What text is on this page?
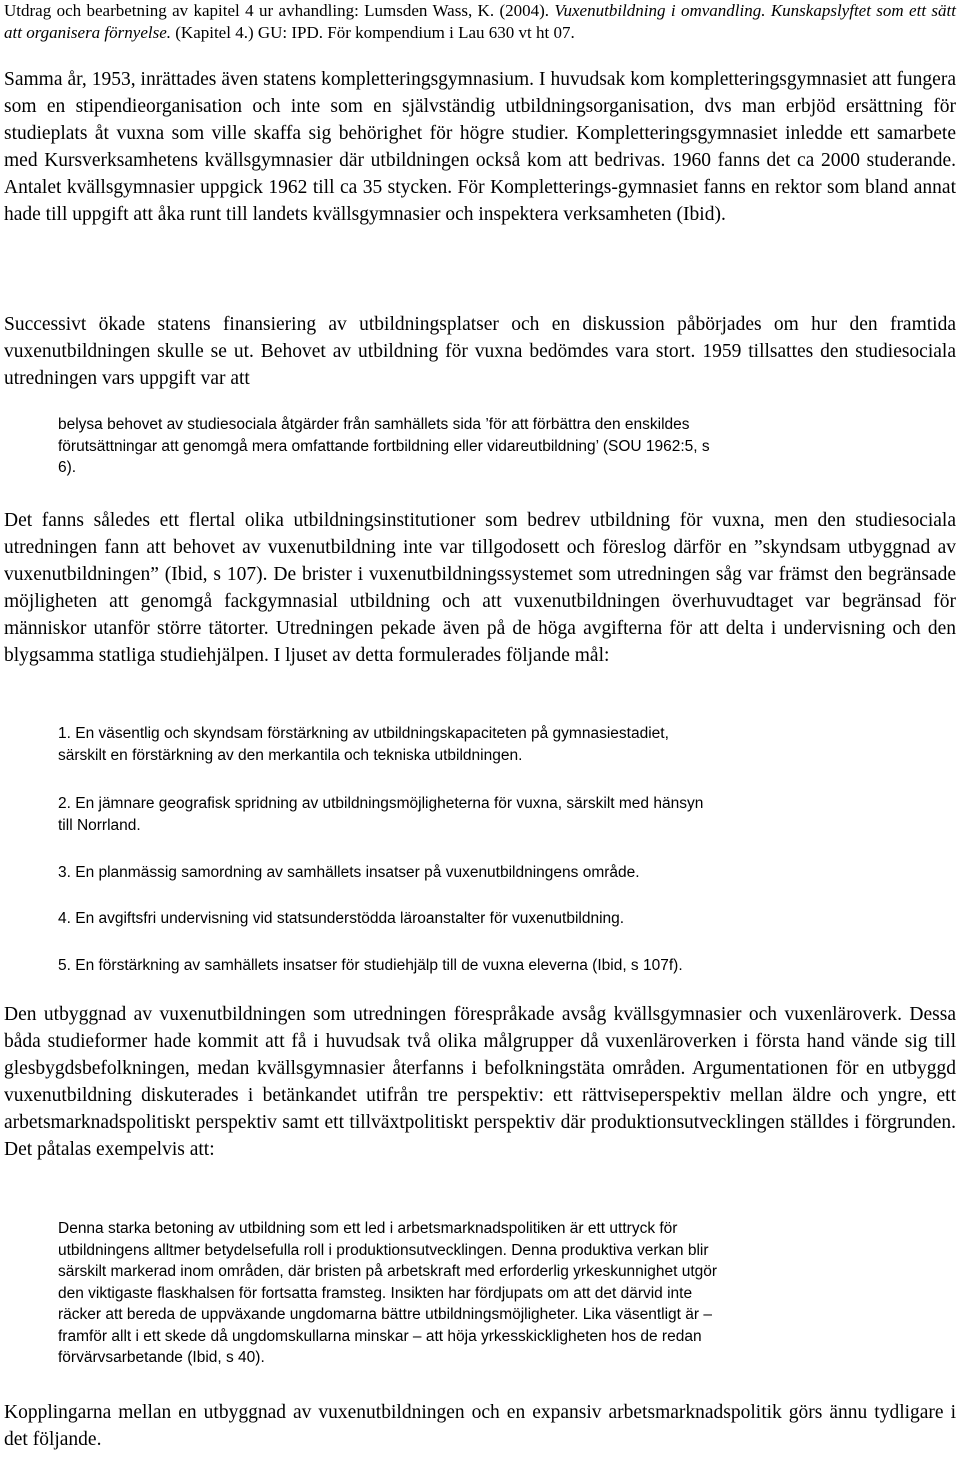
Utdrag och bearbetning av kapitel 4 ur avhandling: Lumsden Wass, K. (2004). Vuxenutbildning i omvandling. Kunskapslyftet som ett sätt att organisera förnyelse. (Kapitel 4.) GU: IPD. För kompendium i Lau 630 vt ht 07.

Samma år, 1953, inrättades även statens kompletteringsgymnasium. I huvudsak kom kompletteringsgymnasiet att fungera som en stipendieorganisation och inte som en självständig utbildningsorganisation, dvs man erbjöd ersättning för studieplats åt vuxna som ville skaffa sig behörighet för högre studier. Kompletteringsgymnasiet inledde ett samarbete med Kursverksamhetens kvällsgymnasier där utbildningen också kom att bedrivas. 1960 fanns det ca 2000 studerande. Antalet kvällsgymnasier uppgick 1962 till ca 35 stycken. För Kompletterings-gymnasiet fanns en rektor som bland annat hade till uppgift att åka runt till landets kvällsgymnasier och inspektera verksamheten (Ibid).

Successivt ökade statens finansiering av utbildningsplatser och en diskussion påbörjades om hur den framtida vuxenutbildningen skulle se ut. Behovet av utbildning för vuxna bedömdes vara stort. 1959 tillsattes den studiesociala utredningen vars uppgift var att

belysa behovet av studiesociala åtgärder från samhällets sida ’för att förbättra den enskildes
förutsättningar att genomgå mera omfattande fortbildning eller vidareutbildning’ (SOU 1962:5, s
6).

Det fanns således ett flertal olika utbildningsinstitutioner som bedrev utbildning för vuxna, men den studiesociala utredningen fann att behovet av vuxenutbildning inte var tillgodosett och föreslog därför en ”skyndsam utbyggnad av vuxenutbildningen” (Ibid, s 107). De brister i vuxenutbildningssystemet som utredningen såg var främst den begränsade möjligheten att genomgå fackgymnasial utbildning och att vuxenutbildningen överhuvudtaget var begränsad för människor utanför större tätorter. Utredningen pekade även på de höga avgifterna för att delta i undervisning och den blygsamma statliga studiehjälpen. I ljuset av detta formulerades följande mål:

1. En väsentlig och skyndsam förstärkning av utbildningskapaciteten på gymnasiestadiet,
särskilt en förstärkning av den merkantila och tekniska utbildningen.
2. En jämnare geografisk spridning av utbildningsmöjligheterna för vuxna, särskilt med hänsyn
till Norrland.
3. En planmässig samordning av samhällets insatser på vuxenutbildningens område.
4. En avgiftsfri undervisning vid statsunderstödda läroanstalter för vuxenutbildning.
5. En förstärkning av samhällets insatser för studiehjälp till de vuxna eleverna (Ibid, s 107f).

Den utbyggnad av vuxenutbildningen som utredningen förespråkade avsåg kvällsgymnasier och vuxenläroverk. Dessa båda studieformer hade kommit att få i huvudsak två olika målgrupper då vuxenläroverken i första hand vände sig till glesbygdsbefolkningen, medan kvällsgymnasier återfanns i befolkningstäta områden. Argumentationen för en utbyggd vuxenutbildning diskuterades i betänkandet utifrån tre perspektiv: ett rättviseperspektiv mellan äldre och yngre, ett arbetsmarknadspolitiskt perspektiv samt ett tillväxtpolitiskt perspektiv där produktionsutvecklingen ställdes i förgrunden. Det påtalas exempelvis att:

Denna starka betoning av utbildning som ett led i arbetsmarknadspolitiken är ett uttryck för
utbildningens alltmer betydelsefulla roll i produktionsutvecklingen. Denna produktiva verkan blir
särskilt markerad inom områden, där bristen på arbetskraft med erforderlig yrkeskunnighet utgör
den viktigaste flaskhalsen för fortsatta framsteg. Insikten har fördjupats om att det därvid inte
räcker att bereda de uppväxande ungdomarna bättre utbildningsmöjligheter. Lika väsentligt är –
framför allt i ett skede då ungdomskullarna minskar – att höja yrkesskickligheten hos de redan
förvärvsarbetande (Ibid, s 40).

Kopplingarna mellan en utbyggnad av vuxenutbildningen och en expansiv arbetsmarknadspolitik görs ännu tydligare i det följande.
